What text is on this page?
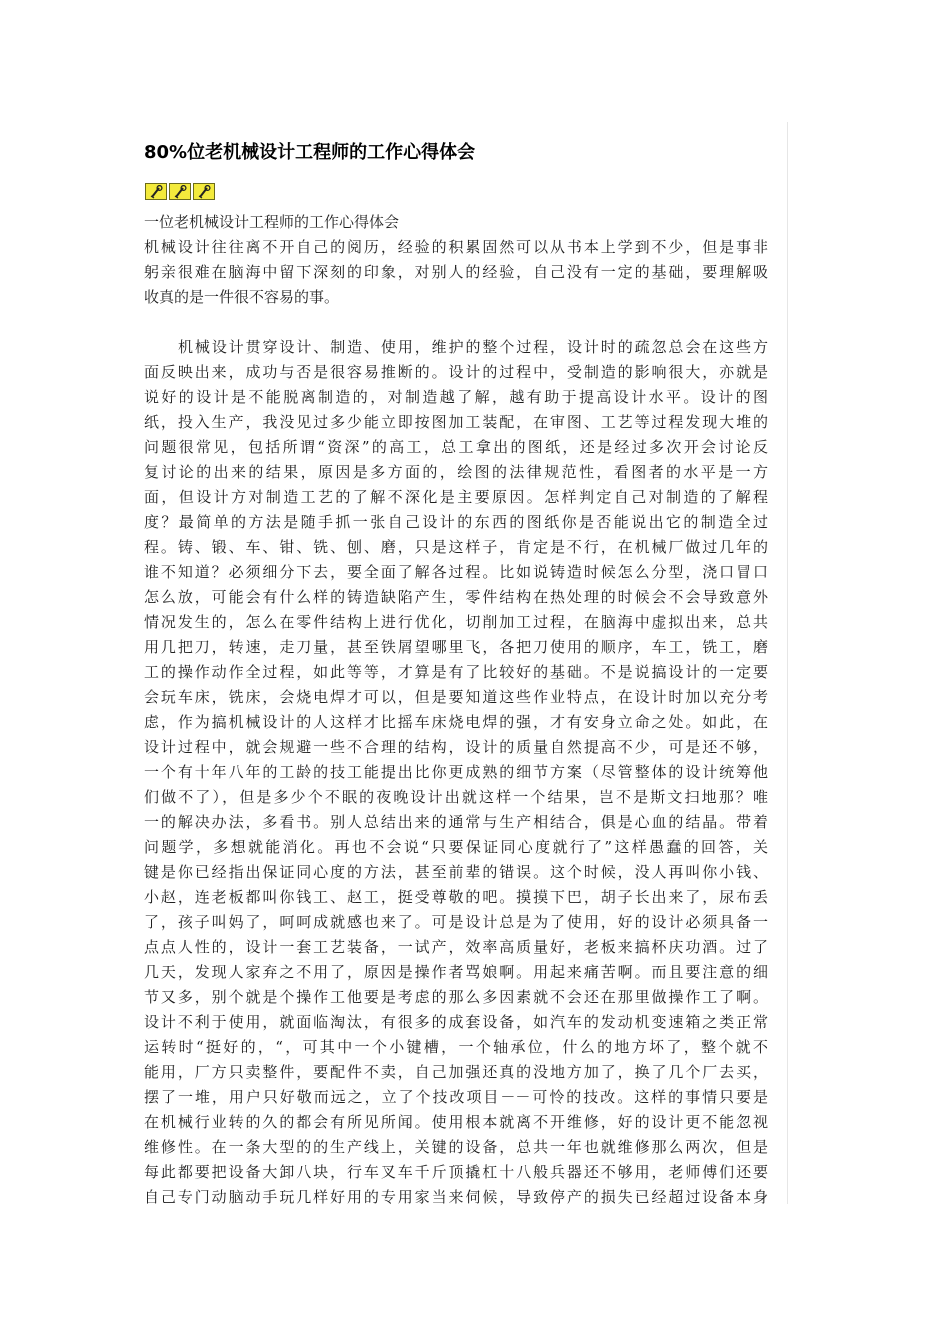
80%位老机械设计工程师的工作心得体会
一位老机械设计工程师的工作心得体会
机械设计往往离不开自己的阅历，经验的积累固然可以从书本上学到不少，但是事非
躬亲很难在脑海中留下深刻的印象，对别人的经验，自己没有一定的基础，要理解吸
收真的是一件很不容易的事。
机械设计贯穿设计、制造、使用，维护的整个过程，设计时的疏忽总会在这些方
面反映出来，成功与否是很容易推断的。设计的过程中，受制造的影响很大，亦就是
说好的设计是不能脱离制造的，对制造越了解，越有助于提高设计水平。设计的图
纸，投入生产，我没见过多少能立即按图加工装配，在审图、工艺等过程发现大堆的
问题很常见，包括所谓“资深”的高工，总工拿出的图纸，还是经过多次开会讨论反
复讨论的出来的结果，原因是多方面的，绘图的法律规范性，看图者的水平是一方
面，但设计方对制造工艺的了解不深化是主要原因。怎样判定自己对制造的了解程
度？最简单的方法是随手抓一张自己设计的东西的图纸你是否能说出它的制造全过
程。铸、锻、车、钳、铣、刨、磨，只是这样子，肯定是不行，在机械厂做过几年的
谁不知道？必须细分下去，要全面了解各过程。比如说铸造时候怎么分型，浇口冒口
怎么放，可能会有什么样的铸造缺陷产生，零件结构在热处理的时候会不会导致意外
情况发生的，怎么在零件结构上进行优化，切削加工过程，在脑海中虚拟出来，总共
用几把刀，转速，走刀量，甚至铁屑望哪里飞，各把刀使用的顺序，车工，铣工，磨
工的操作动作全过程，如此等等，才算是有了比较好的基础。不是说搞设计的一定要
会玩车床，铣床，会烧电焊才可以，但是要知道这些作业特点，在设计时加以充分考
虑，作为搞机械设计的人这样才比摇车床烧电焊的强，才有安身立命之处。如此，在
设计过程中，就会规避一些不合理的结构，设计的质量自然提高不少，可是还不够，
一个有十年八年的工龄的技工能提出比你更成熟的细节方案（尽管整体的设计统筹他
们做不了），但是多少个不眠的夜晚设计出就这样一个结果，岂不是斯文扫地那？唯
一的解决办法，多看书。别人总结出来的通常与生产相结合，俱是心血的结晶。带着
问题学，多想就能消化。再也不会说“只要保证同心度就行了”这样愚蠢的回答，关
键是你已经指出保证同心度的方法，甚至前辈的错误。这个时候，没人再叫你小钱、
小赵，连老板都叫你钱工、赵工，挺受尊敬的吧。摸摸下巴，胡子长出来了，尿布丢
了，孩子叫妈了，呵呵成就感也来了。可是设计总是为了使用，好的设计必须具备一
点点人性的，设计一套工艺装备，一试产，效率高质量好，老板来搞杯庆功酒。过了
几天，发现人家弃之不用了，原因是操作者骂娘啊。用起来痛苦啊。而且要注意的细
节又多，别个就是个操作工他要是考虑的那么多因素就不会还在那里做操作工了啊。
设计不利于使用，就面临淘汰，有很多的成套设备，如汽车的发动机变速箱之类正常
运转时“挺好的，“，可其中一个小键槽，一个轴承位，什么的地方坏了，整个就不
能用，厂方只卖整件，要配件不卖，自己加强还真的没地方加了，换了几个厂去买，
摆了一堆，用户只好敬而远之，立了个技改项目－－可怜的技改。这样的事情只要是
在机械行业转的久的都会有所见所闻。使用根本就离不开维修，好的设计更不能忽视
维修性。在一条大型的的生产线上，关键的设备，总共一年也就维修那么两次，但是
每此都要把设备大卸八块，行车叉车千斤顶撬杠十八般兵器还不够用，老师傅们还要
自己专门动脑动手玩几样好用的专用家当来伺候，导致停产的损失已经超过设备本身
